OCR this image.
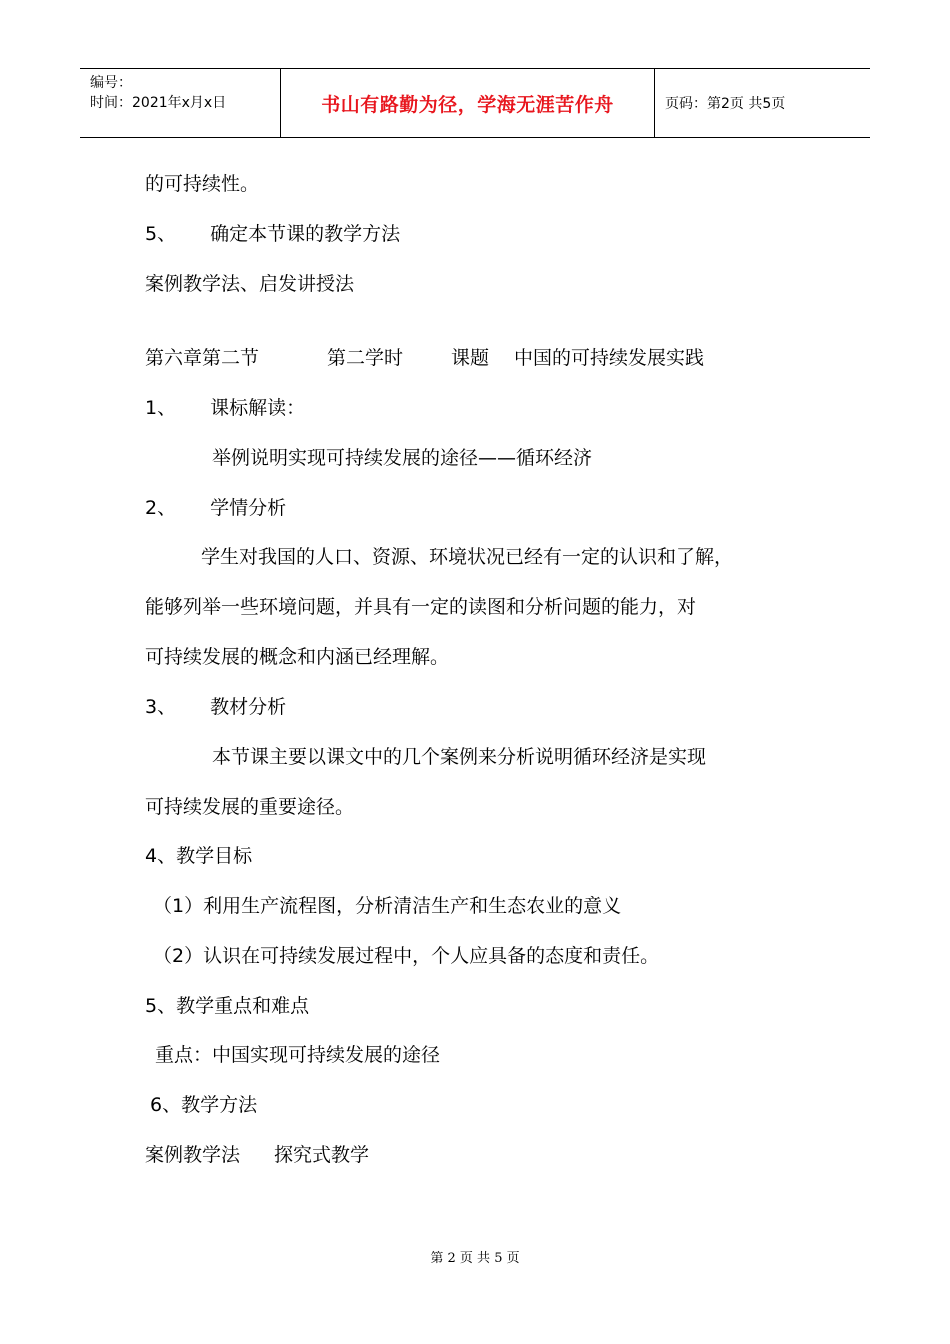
编号：
时间：2021年x月x日	书山有路勤为径，学海无涯苦作舟	页码：第2页 共5页
的可持续性。
5、 确定本节课的教学方法
案例教学法、启发讲授法
第六章第二节	第二学时	课题 中国的可持续发展实践
1、 课标解读：
举例说明实现可持续发展的途径——循环经济
2、 学情分析
学生对我国的人口、资源、环境状况已经有一定的认识和了解，
能够列举一些环境问题，并具有一定的读图和分析问题的能力，对
可持续发展的概念和内涵已经理解。
3、 教材分析
本节课主要以课文中的几个案例来分析说明循环经济是实现
可持续发展的重要途径。
4、教学目标
（1）利用生产流程图，分析清洁生产和生态农业的意义
（2）认识在可持续发展过程中，个人应具备的态度和责任。
5、教学重点和难点
重点：中国实现可持续发展的途径
6、教学方法
案例教学法 探究式教学
第 2 页 共 5 页
